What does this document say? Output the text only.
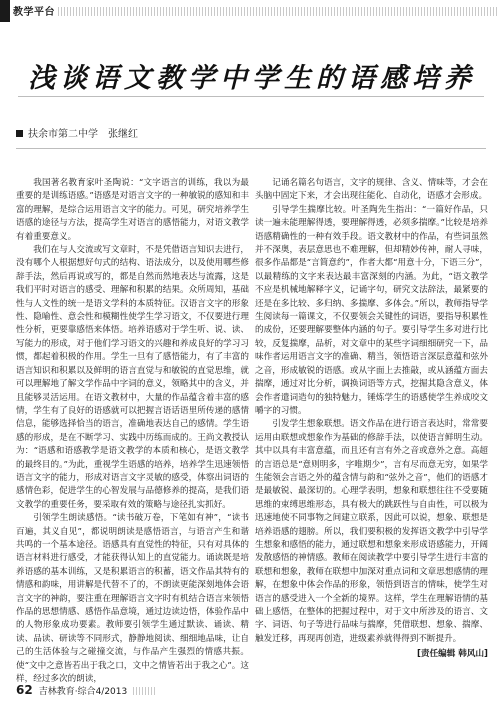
教学平台
浅谈语文教学中学生的语感培养
扶余市第二中学　张继红

我国著名教育家叶圣陶说：“文字语言的训练，我以为最重要的是训练语感。”语感是对语言文字的一种敏锐的感知和丰富的理解，是综合运用语言文字的能力。可见，研究培养学生语感的途径与方法，提高学生对语言的感悟能力，对语文教学有着重要意义。

我们在与人交流或写文章时，不是凭借语言知识去进行，没有哪个人根据想好句式的结构、语法成分，以及使用哪些修辞手法，然后再说或写的，都是自然而然地表达与流露，这是我们平时对语言的感受、理解和积累的结果。众所周知，基础性与人文性的统一是语文学科的本质特征。汉语言文字的形象性、隐喻性、意会性和模糊性使学生学习语文，不仅要进行理性分析，更要靠感悟来体悟。培养语感对于学生听、说、读、写能力的形成，对于他们学习语文的兴趣和养成良好的学习习惯，都起着积极的作用。学生一旦有了感悟能力，有了丰富的语言知识和积累以及鲜明的语言直觉与和敏锐的直觉思维，就可以理解地了解文学作品中字词的意义，领略其中的含义，并且能够灵活运用。在语文教材中，大量的作品蕴含着丰富的感情，学生有了良好的语感就可以把握言语话语里所传递的感情信息，能够选择恰当的语言，准确地表达自己的感情。学生语感的形成，是在不断学习、实践中历练而成的。王尚文教授认为：“语感和语感教学是语文教学的本质和核心，是语文教学的最终目的。”为此，重视学生语感的培养，培养学生迅速领悟语言文字的能力，形成对语言文字灵敏的感受，体察出词语的感情色彩，促进学生的心智发展与品德修养的提高，是我们语文教学的重要任务，要采取有效的策略与途径扎实抓好。

引领学生朗读感悟。“读书破万卷，下笔如有神”，“读书百遍，其义自见”，都说明朗读是感悟语言，与语言产生和谐共鸣的一个基本途径。语感具有直觉性的特征，只有对具体的语言材料进行感受，才能获得认知上的直觉能力。诵读既是培养语感的基本训练，又是积累语言的积蓄，语文作品其特有的情感和韵味，用讲解是代替不了的，不朗读更能深刻地体会语言文字的神韵，要注重在理解语言文字时有机结合语言来领悟作品的思想情感、感悟作品意境，通过边读边悟，体验作品中的人物形象成功要素。教师要引领学生通过默读、诵读、精读、品读、研读等不同形式，静静地阅读、细细地品味，让自己的生活体验与之碰撞交流，与作品产生强烈的情感共振。使“文中之意皆若出于我之口，文中之情皆若出于我之心”。这样，经过多次的朗读，

记诵名篇名句语言，文字的规律、含义、情味等，才会在头脑中固定下来，才会出现往能化、自动化，语感才会形成。

引导学生揣摩比较。叶圣陶先生指出：“一篇好作品，只读一遍未能理解得透，要理解得透，必须多揣摩。”比较是培养语感精确性的一种有效手段。语文教材中的作品，有些词虽然并不深奥，表层意思也不难理解，但却精妙传神，耐人寻味，很多作品都是“言简意约”，作者大都“用意十分，下语三分”，以最精练的文字来表达最丰富深刻的内涵。为此，“语文教学不应是机械地解释字义，记诵字句，研究文法辞法，最紧要的还是在多比较、多归纳、多揣摩、多体会。”所以，教师指导学生阅读每一篇课文，不仅要领会关键性的词语，要指导积累性的成份，还要理解要整体内涵的句子。要引导学生多对进行比较，反复揣摩，品析，对文章中的某些字词细细研究一下，品味作者运用语言文字的准确、精当，领悟语言深层意蕴和弦外之音，形成敏锐的语感。或从字面上去推敲，或从涵蕴方面去揣摩，通过对比分析，调换词语等方式，挖掘其隐含意义，体会作者遣词造句的独特魅力，锤炼学生的语感使学生养成咬文嚼字的习惯。

引发学生想象联想。语文作品在进行语言表达时，常常要运用由联想或想象作为基础的修辞手法，以使语言鲜明生动。其中以具有丰富意蕴，而且还有言有外之音或意外之意。高超的言语总是“意则明多，字唯期少”，言有尽而意无穷，如果学生能领会言语之外的蕴含情与韵和“弦外之音”，他们的语感才是最敏锐、最深切的。心理学表明，想象和联想往往不受要随思维的束缚思维形态，具有极大的跳跃性与自由性，可以极为迅速地使不同事物之间建立联系，因此可以说，想象、联想是培养语感的翅膀。所以，我们要积极的发挥语文教学中引导学生想象和感悟的能力，通过联想和想象来形成语感能力，开阔发散感悟的神情感。教师在阅读教学中要引导学生进行丰富的联想和想象，教师在联想中加深对重点词和文章思想感情的理解，在想象中体会作品的形象，领悟到语言的情味，使学生对语言的感受进入一个全新的境界。这样，学生在理解语情的基础上感悟，在整体的把握过程中，对于文中所涉及的语言、文字、词语、句子等进行品味与揣摩，凭借联想、想象、揣摩、触发迁移，再现再创造，进级素养就得得到不断提升。

[责任编辑 韩风山]
62 吉林教育·综合4/2013
